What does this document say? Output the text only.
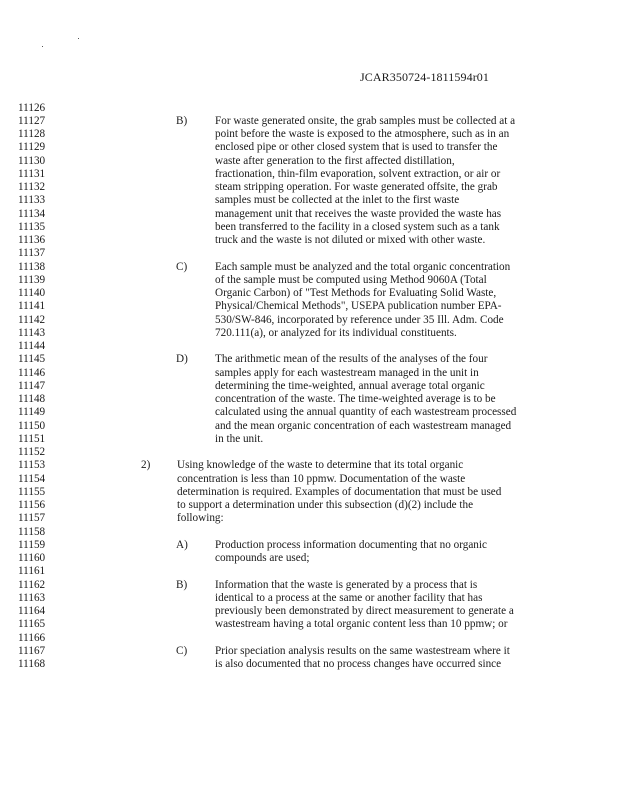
JCAR350724-1811594r01
11126
11127
11128
11129
11130
11131
11132
11133
11134
11135
11136
11137
11138
11139
11140
11141
11142
11143
11144
11145
11146
11147
11148
11149
11150
11151
11152
11153
11154
11155
11156
11157
11158
11159
11160
11161
11162
11163
11164
11165
11166
11167
11168
B) For waste generated onsite, the grab samples must be collected at a
point before the waste is exposed to the atmosphere, such as in an
enclosed pipe or other closed system that is used to transfer the
waste after generation to the first affected distillation,
fractionation, thin-film evaporation, solvent extraction, or air or
steam stripping operation. For waste generated offsite, the grab
samples must be collected at the inlet to the first waste
management unit that receives the waste provided the waste has
been transferred to the facility in a closed system such as a tank
truck and the waste is not diluted or mixed with other waste.
C) Each sample must be analyzed and the total organic concentration
of the sample must be computed using Method 9060A (Total
Organic Carbon) of "Test Methods for Evaluating Solid Waste,
Physical/Chemical Methods", USEPA publication number EPA-
530/SW-846, incorporated by reference under 35 Ill. Adm. Code
720.111(a), or analyzed for its individual constituents.
D) The arithmetic mean of the results of the analyses of the four
samples apply for each wastestream managed in the unit in
determining the time-weighted, annual average total organic
concentration of the waste. The time-weighted average is to be
calculated using the annual quantity of each wastestream processed
and the mean organic concentration of each wastestream managed
in the unit.
2) Using knowledge of the waste to determine that its total organic
concentration is less than 10 ppmw. Documentation of the waste
determination is required. Examples of documentation that must be used
to support a determination under this subsection (d)(2) include the
following:
A) Production process information documenting that no organic
compounds are used;
B) Information that the waste is generated by a process that is
identical to a process at the same or another facility that has
previously been demonstrated by direct measurement to generate a
wastestream having a total organic content less than 10 ppmw; or
C) Prior speciation analysis results on the same wastestream where it
is also documented that no process changes have occurred since
